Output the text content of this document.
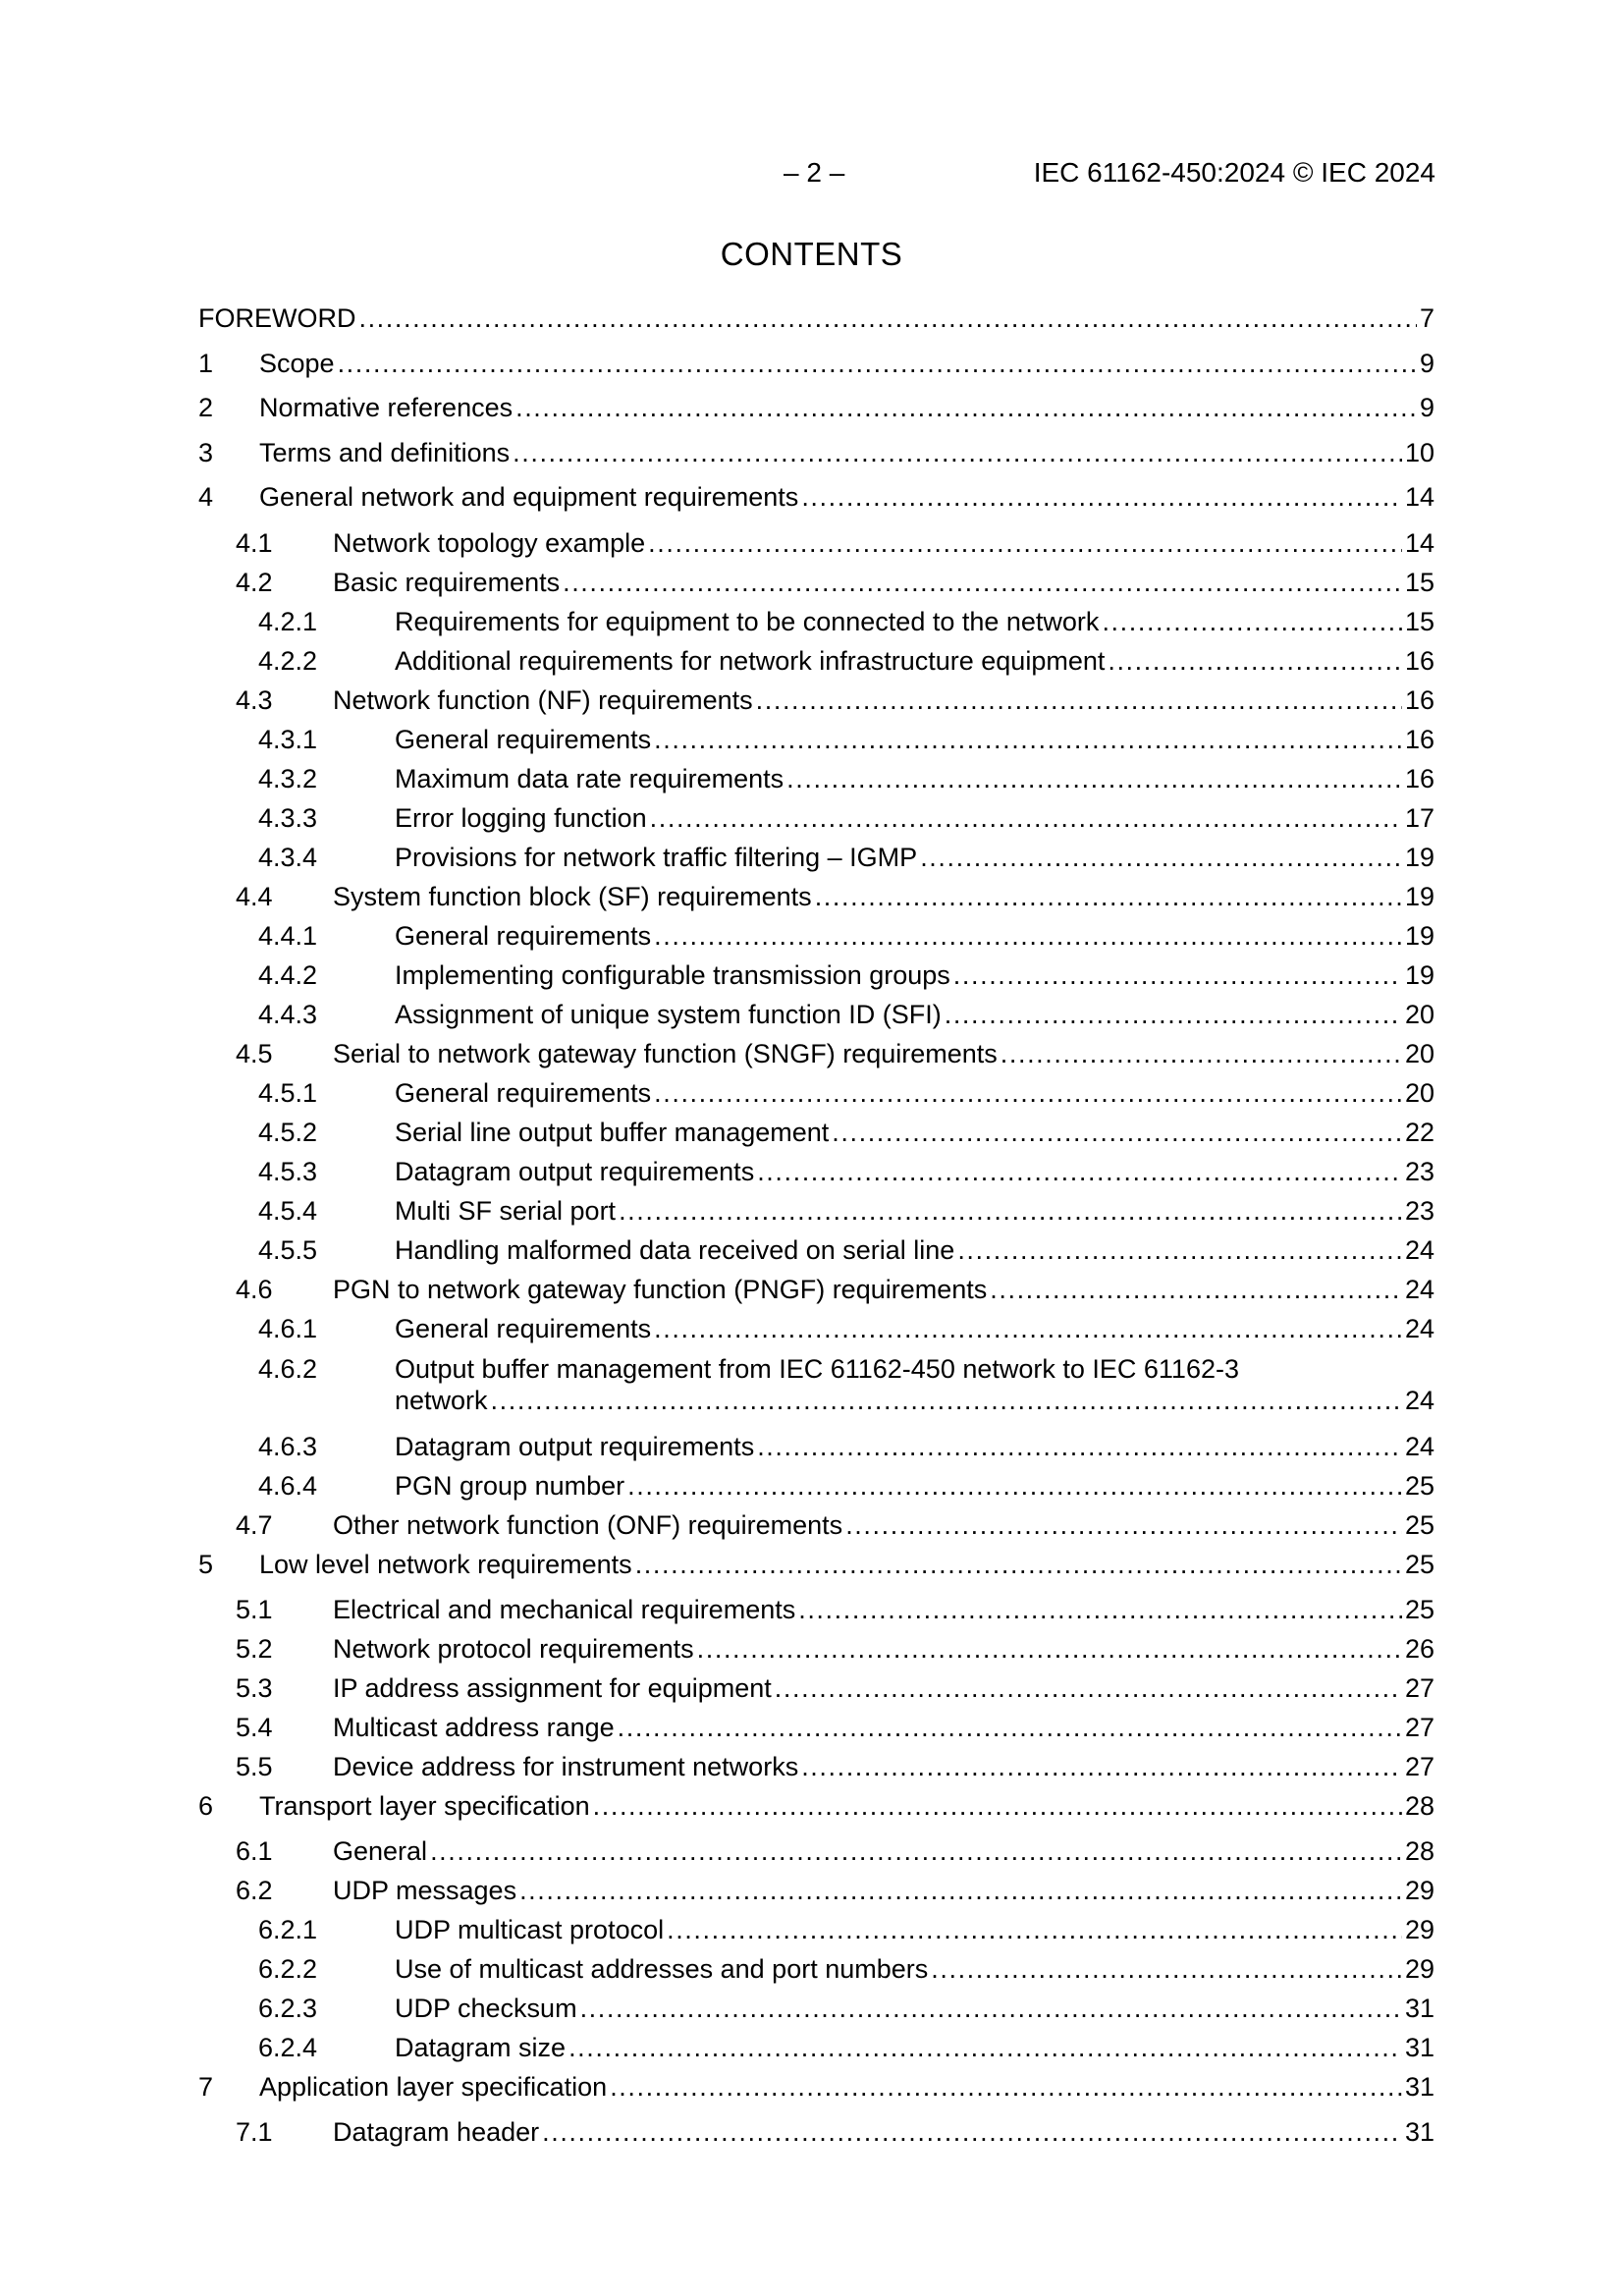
– 2 –	IEC 61162-450:2024 © IEC 2024
CONTENTS
FOREWORD .....	7
1 Scope .....	9
2 Normative references .....	9
3 Terms and definitions .....	10
4 General network and equipment requirements .....	14
4.1 Network topology example .....	14
4.2 Basic requirements .....	15
4.2.1	Requirements for equipment to be connected to the network .....	15
4.2.2	Additional requirements for network infrastructure equipment .....	16
4.3 Network function (NF) requirements .....	16
4.3.1	General requirements .....	16
4.3.2	Maximum data rate requirements .....	16
4.3.3	Error logging function .....	17
4.3.4	Provisions for network traffic filtering – IGMP .....	19
4.4 System function block (SF) requirements .....	19
4.4.1	General requirements .....	19
4.4.2	Implementing configurable transmission groups .....	19
4.4.3	Assignment of unique system function ID (SFI) .....	20
4.5 Serial to network gateway function (SNGF) requirements .....	20
4.5.1	General requirements .....	20
4.5.2	Serial line output buffer management .....	22
4.5.3	Datagram output requirements .....	23
4.5.4	Multi SF serial port .....	23
4.5.5	Handling malformed data received on serial line .....	24
4.6 PGN to network gateway function (PNGF) requirements .....	24
4.6.1	General requirements .....	24
4.6.2	Output buffer management from IEC 61162-450 network to IEC 61162-3
network .....	24
4.6.3	Datagram output requirements .....	24
4.6.4	PGN group number .....	25
4.7 Other network function (ONF) requirements .....	25
5 Low level network requirements .....	25
5.1 Electrical and mechanical requirements .....	25
5.2 Network protocol requirements .....	26
5.3 IP address assignment for equipment .....	27
5.4 Multicast address range .....	27
5.5 Device address for instrument networks .....	27
6 Transport layer specification .....	28
6.1 General .....	28
6.2 UDP messages .....	29
6.2.1	UDP multicast protocol .....	29
6.2.2	Use of multicast addresses and port numbers .....	29
6.2.3	UDP checksum .....	31
6.2.4	Datagram size .....	31
7 Application layer specification .....	31
7.1 Datagram header .....	31
